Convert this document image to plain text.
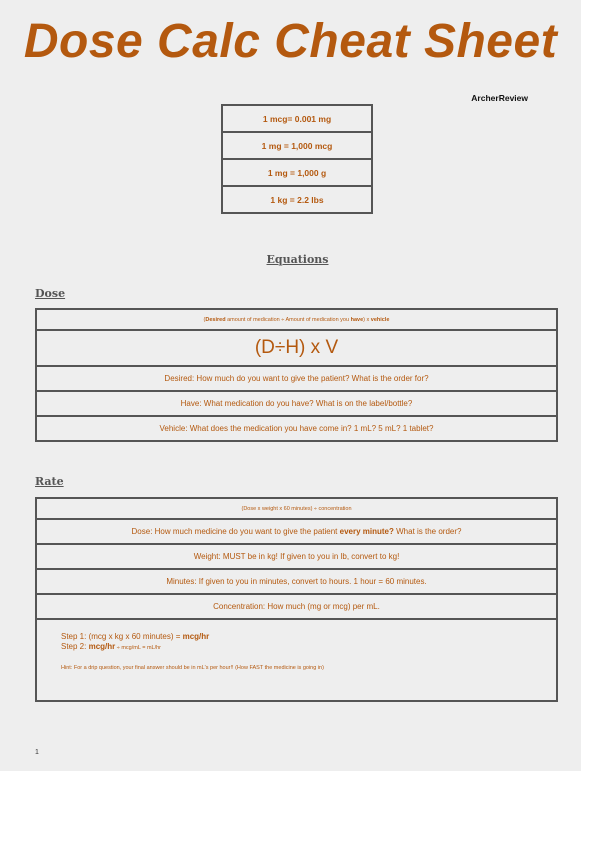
Dose Calc Cheat Sheet
ArcherReview
1 mcg= 0.001 mg
1 mg = 1,000 mcg
1 mg = 1,000 g
1 kg = 2.2 lbs
Equations
Dose
(Desired amount of medication ÷ Amount of medication you have) x vehicle
(D÷H) x V
Desired: How much do you want to give the patient? What is the order for?
Have: What medication do you have? What is on the label/bottle?
Vehicle: What does the medication you have come in? 1 mL? 5 mL? 1 tablet?
Rate
(Dose x weight x 60 minutes) ÷ concentration
Dose: How much medicine do you want to give the patient every minute? What is the order?
Weight: MUST be in kg! If given to you in lb, convert to kg!
Minutes: If given to you in minutes, convert to hours. 1 hour = 60 minutes.
Concentration: How much (mg or mcg) per mL.

Step 1: (mcg x kg x 60 minutes) = mcg/hr
Step 2: mcg/hr ÷ mcg/mL = mL/hr
Hint: For a drip question, your final answer should be in mL's per hour!! (How FAST the medicine is going in)
1
